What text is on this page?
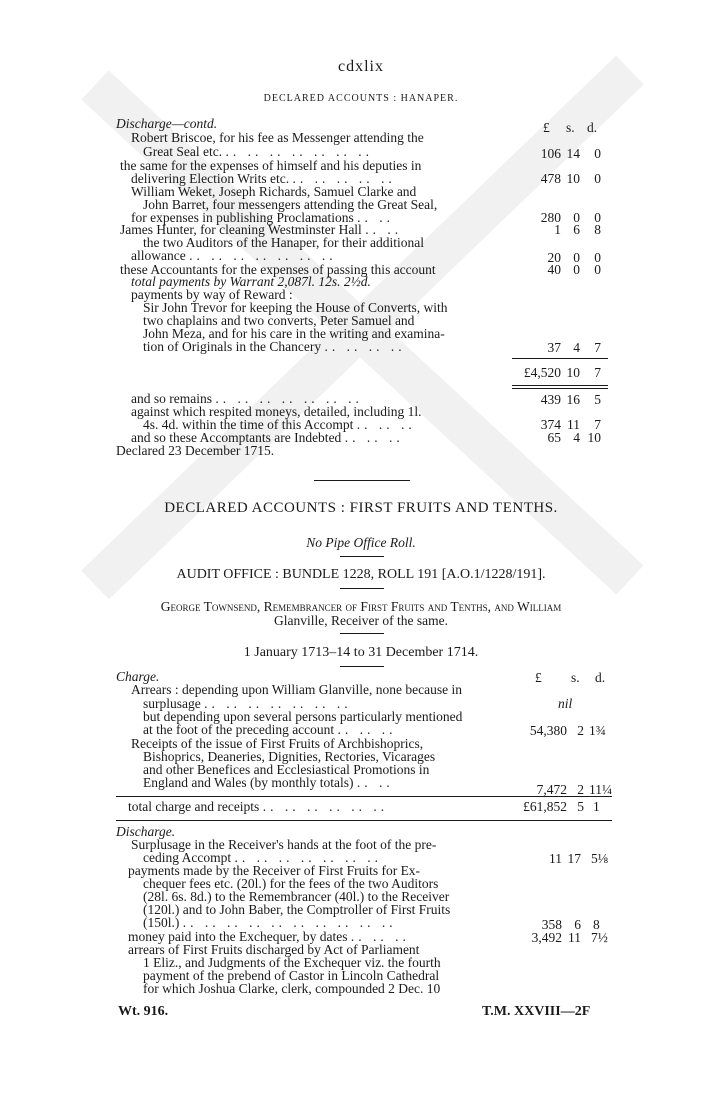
cdxlix
DECLARED ACCOUNTS : HANAPER.
Discharge—contd.	£ s. d.
Robert Briscoe, for his fee as Messenger attending the
Great Seal etc. .. .. .. .. .. .. ..	106 14	0
the same for the expenses of himself and his deputies in
delivering Election Writs etc. .. .. .. .. ..	478 10	0
William Weket, Joseph Richards, Samuel Clarke and
John Barret, four messengers attending the Great Seal,
for expenses in publishing Proclamations .. ..	280 0	0
James Hunter, for cleaning Westminster Hall .. ..	1 6	8
the two Auditors of the Hanaper, for their additional
allowance .. .. .. .. .. .. ..	20 0	0
these Accountants for the expenses of passing this account	40 0	0
total payments by Warrant 2,087l. 12s. 2½d.
payments by way of Reward :
Sir John Trevor for keeping the House of Converts, with
two chaplains and two converts, Peter Samuel and
John Meza, and for his care in the writing and examina-
tion of Originals in the Chancery .. .. .. ..	37 4	7
£4,520 10	7
and so remains .. .. .. .. .. .. ..	439 16	5
against which respited moneys, detailed, including 1l.
4s. 4d. within the time of this Accompt .. .. ..	374 11	7
and so these Accomptants are Indebted .. .. ..	65 4 10
Declared 23 December 1715.
DECLARED ACCOUNTS : FIRST FRUITS AND TENTHS.
No Pipe Office Roll.
AUDIT OFFICE : BUNDLE 1228, ROLL 191 [A.O.1/1228/191].
George Townsend, Remembrancer of First Fruits and Tenths, and William
Glanville, Receiver of the same.
1 January 1713–14 to 31 December 1714.
Charge.	£ s. d.
Arrears : depending upon William Glanville, none because in
surplusage .. .. .. .. .. .. ..	nil
but depending upon several persons particularly mentioned
at the foot of the preceding account .. .. ..	54,380 2 1¾
Receipts of the issue of First Fruits of Archbishoprics,
Bishoprics, Deaneries, Dignities, Rectories, Vicarages
and other Benefices and Ecclesiastical Promotions in
England and Wales (by monthly totals) .. ..	7,472 2 11¼
total charge and receipts .. .. .. .. .. ..	£61,852 5 1
Discharge.
Surplusage in the Receiver's hands at the foot of the pre-
ceding Accompt .. .. .. .. .. .. ..	11 17 5⅛
payments made by the Receiver of First Fruits for Ex-
chequer fees etc. (20l.) for the fees of the two Auditors
(28l. 6s. 8d.) to the Remembrancer (40l.) to the Receiver
(120l.) and to John Baber, the Comptroller of First Fruits
(150l.) .. .. .. .. .. .. .. .. .. ..	358 6 8
money paid into the Exchequer, by dates .. .. ..	3,492 11 7½
arrears of First Fruits discharged by Act of Parliament
1 Eliz., and Judgments of the Exchequer viz. the fourth
payment of the prebend of Castor in Lincoln Cathedral
for which Joshua Clarke, clerk, compounded 2 Dec. 10
Wt. 916.	T.M. XXVIII—2F
